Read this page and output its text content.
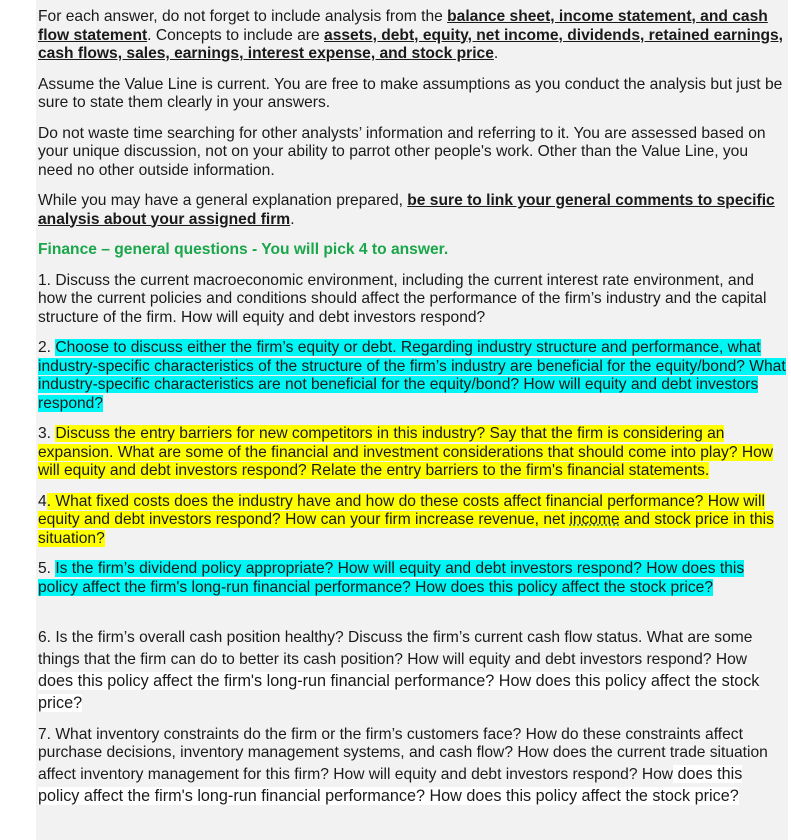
For each answer, do not forget to include analysis from the balance sheet, income statement, and cash flow statement. Concepts to include are assets, debt, equity, net income, dividends, retained earnings, cash flows, sales, earnings, interest expense, and stock price.

Assume the Value Line is current. You are free to make assumptions as you conduct the analysis but just be sure to state them clearly in your answers.

Do not waste time searching for other analysts’ information and referring to it. You are assessed based on your unique discussion, not on your ability to parrot other people's work. Other than the Value Line, you need no other outside information.

While you may have a general explanation prepared, be sure to link your general comments to specific analysis about your assigned firm.

Finance – general questions - You will pick 4 to answer.

1. Discuss the current macroeconomic environment, including the current interest rate environment, and how the current policies and conditions should affect the performance of the firm’s industry and the capital structure of the firm. How will equity and debt investors respond?

2. Choose to discuss either the firm’s equity or debt. Regarding industry structure and performance, what industry-specific characteristics of the structure of the firm’s industry are beneficial for the equity/bond? What industry-specific characteristics are not beneficial for the equity/bond? How will equity and debt investors respond?

3. Discuss the entry barriers for new competitors in this industry? Say that the firm is considering an expansion. What are some of the financial and investment considerations that should come into play? How will equity and debt investors respond? Relate the entry barriers to the firm's financial statements.

4. What fixed costs does the industry have and how do these costs affect financial performance? How will equity and debt investors respond? How can your firm increase revenue, net income and stock price in this situation?

5. Is the firm’s dividend policy appropriate? How will equity and debt investors respond? How does this policy affect the firm's long-run financial performance? How does this policy affect the stock price?

6. Is the firm’s overall cash position healthy? Discuss the firm’s current cash flow status. What are some things that the firm can do to better its cash position? How will equity and debt investors respond? How does this policy affect the firm's long-run financial performance? How does this policy affect the stock price?

7. What inventory constraints do the firm or the firm’s customers face? How do these constraints affect purchase decisions, inventory management systems, and cash flow? How does the current trade situation affect inventory management for this firm? How will equity and debt investors respond? How does this policy affect the firm's long-run financial performance? How does this policy affect the stock price?
